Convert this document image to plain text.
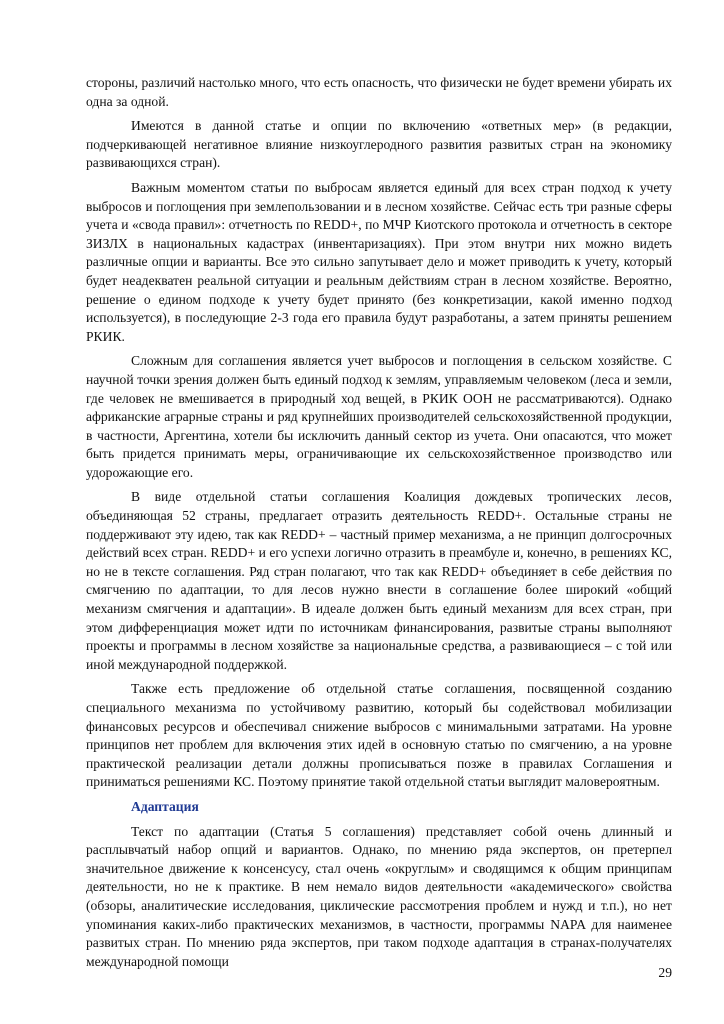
стороны, различий настолько много, что есть опасность, что физически не будет времени убирать их одна за одной.

Имеются в данной статье и опции по включению «ответных мер» (в редакции, подчеркивающей негативное влияние низкоуглеродного развития развитых стран на экономику развивающихся стран).

Важным моментом статьи по выбросам является единый для всех стран подход к учету выбросов и поглощения при землепользовании и в лесном хозяйстве. Сейчас есть три разные сферы учета и «свода правил»: отчетность по REDD+, по МЧР Киотского протокола и отчетность в секторе ЗИЗЛХ в национальных кадастрах (инвентаризациях). При этом внутри них можно видеть различные опции и варианты. Все это сильно запутывает дело и может приводить к учету, который будет неадекватен реальной ситуации и реальным действиям стран в лесном хозяйстве. Вероятно, решение о едином подходе к учету будет принято (без конкретизации, какой именно подход используется), в последующие 2-3 года его правила будут разработаны, а затем приняты решением РКИК.

Сложным для соглашения является учет выбросов и поглощения в сельском хозяйстве. С научной точки зрения должен быть единый подход к землям, управляемым человеком (леса и земли, где человек не вмешивается в природный ход вещей, в РКИК ООН не рассматриваются). Однако африканские аграрные страны и ряд крупнейших производителей сельскохозяйственной продукции, в частности, Аргентина, хотели бы исключить данный сектор из учета. Они опасаются, что может быть придется принимать меры, ограничивающие их сельскохозяйственное производство или удорожающие его.

В виде отдельной статьи соглашения Коалиция дождевых тропических лесов, объединяющая 52 страны, предлагает отразить деятельность REDD+. Остальные страны не поддерживают эту идею, так как REDD+ – частный пример механизма, а не принцип долгосрочных действий всех стран. REDD+ и его успехи логично отразить в преамбуле и, конечно, в решениях КС, но не в тексте соглашения. Ряд стран полагают, что так как REDD+ объединяет в себе действия по смягчению по адаптации, то для лесов нужно внести в соглашение более широкий «общий механизм смягчения и адаптации». В идеале должен быть единый механизм для всех стран, при этом дифференциация может идти по источникам финансирования, развитые страны выполняют проекты и программы в лесном хозяйстве за национальные средства, а развивающиеся – с той или иной международной поддержкой.

Также есть предложение об отдельной статье соглашения, посвященной созданию специального механизма по устойчивому развитию, который бы содействовал мобилизации финансовых ресурсов и обеспечивал снижение выбросов с минимальными затратами. На уровне принципов нет проблем для включения этих идей в основную статью по смягчению, а на уровне практической реализации детали должны прописываться позже в правилах Соглашения и приниматься решениями КС. Поэтому принятие такой отдельной статьи выглядит маловероятным.

Адаптация

Текст по адаптации (Статья 5 соглашения) представляет собой очень длинный и расплывчатый набор опций и вариантов. Однако, по мнению ряда экспертов, он претерпел значительное движение к консенсусу, стал очень «округлым» и сводящимся к общим принципам деятельности, но не к практике. В нем немало видов деятельности «академического» свойства (обзоры, аналитические исследования, циклические рассмотрения проблем и нужд и т.п.), но нет упоминания каких-либо практических механизмов, в частности, программы NAPA для наименее развитых стран. По мнению ряда экспертов, при таком подходе адаптация в странах-получателях международной помощи

29
